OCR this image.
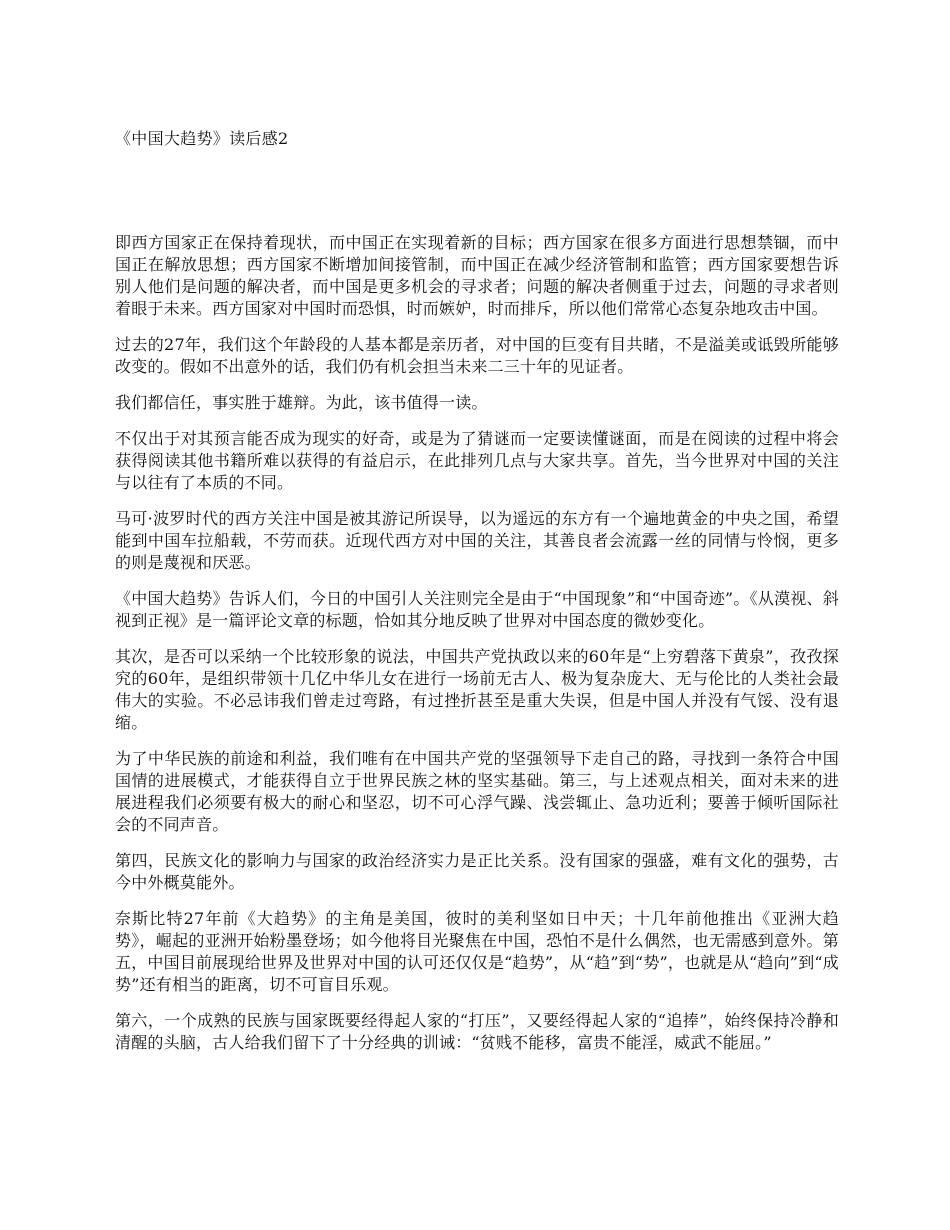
《中国大趋势》读后感2

即西方国家正在保持着现状，而中国正在实现着新的目标；西方国家在很多方面进行思想禁锢，而中国正在解放思想；西方国家不断增加间接管制，而中国正在减少经济管制和监管；西方国家要想告诉别人他们是问题的解决者，而中国是更多机会的寻求者；问题的解决者侧重于过去，问题的寻求者则着眼于未来。西方国家对中国时而恐惧，时而嫉妒，时而排斥，所以他们常常心态复杂地攻击中国。

过去的27年，我们这个年龄段的人基本都是亲历者，对中国的巨变有目共睹，不是溢美或诋毁所能够改变的。假如不出意外的话，我们仍有机会担当未来二三十年的见证者。

我们都信任，事实胜于雄辩。为此，该书值得一读。

不仅出于对其预言能否成为现实的好奇，或是为了猜谜而一定要读懂谜面，而是在阅读的过程中将会获得阅读其他书籍所难以获得的有益启示，在此排列几点与大家共享。首先，当今世界对中国的关注与以往有了本质的不同。

马可·波罗时代的西方关注中国是被其游记所误导，以为遥远的东方有一个遍地黄金的中央之国，希望能到中国车拉船载，不劳而获。近现代西方对中国的关注，其善良者会流露一丝的同情与怜悯，更多的则是蔑视和厌恶。

《中国大趋势》告诉人们，今日的中国引人关注则完全是由于“中国现象”和“中国奇迹”。《从漠视、斜视到正视》是一篇评论文章的标题，恰如其分地反映了世界对中国态度的微妙变化。

其次，是否可以采纳一个比较形象的说法，中国共产党执政以来的60年是“上穷碧落下黄泉”，孜孜探究的60年，是组织带领十几亿中华儿女在进行一场前无古人、极为复杂庞大、无与伦比的人类社会最伟大的实验。不必忌讳我们曾走过弯路，有过挫折甚至是重大失误，但是中国人并没有气馁、没有退缩。

为了中华民族的前途和利益，我们唯有在中国共产党的坚强领导下走自己的路，寻找到一条符合中国国情的进展模式，才能获得自立于世界民族之林的坚实基础。第三，与上述观点相关，面对未来的进展进程我们必须要有极大的耐心和坚忍，切不可心浮气躁、浅尝辄止、急功近利；要善于倾听国际社会的不同声音。

第四，民族文化的影响力与国家的政治经济实力是正比关系。没有国家的强盛，难有文化的强势，古今中外概莫能外。

奈斯比特27年前《大趋势》的主角是美国，彼时的美利坚如日中天；十几年前他推出《亚洲大趋势》，崛起的亚洲开始粉墨登场；如今他将目光聚焦在中国，恐怕不是什么偶然，也无需感到意外。第五，中国目前展现给世界及世界对中国的认可还仅仅是“趋势”，从“趋”到“势”，也就是从“趋向”到“成势”还有相当的距离，切不可盲目乐观。

第六，一个成熟的民族与国家既要经得起人家的“打压”，又要经得起人家的“追捧”，始终保持冷静和清醒的头脑，古人给我们留下了十分经典的训诫：“贫贱不能移，富贵不能淫，威武不能屈。”
